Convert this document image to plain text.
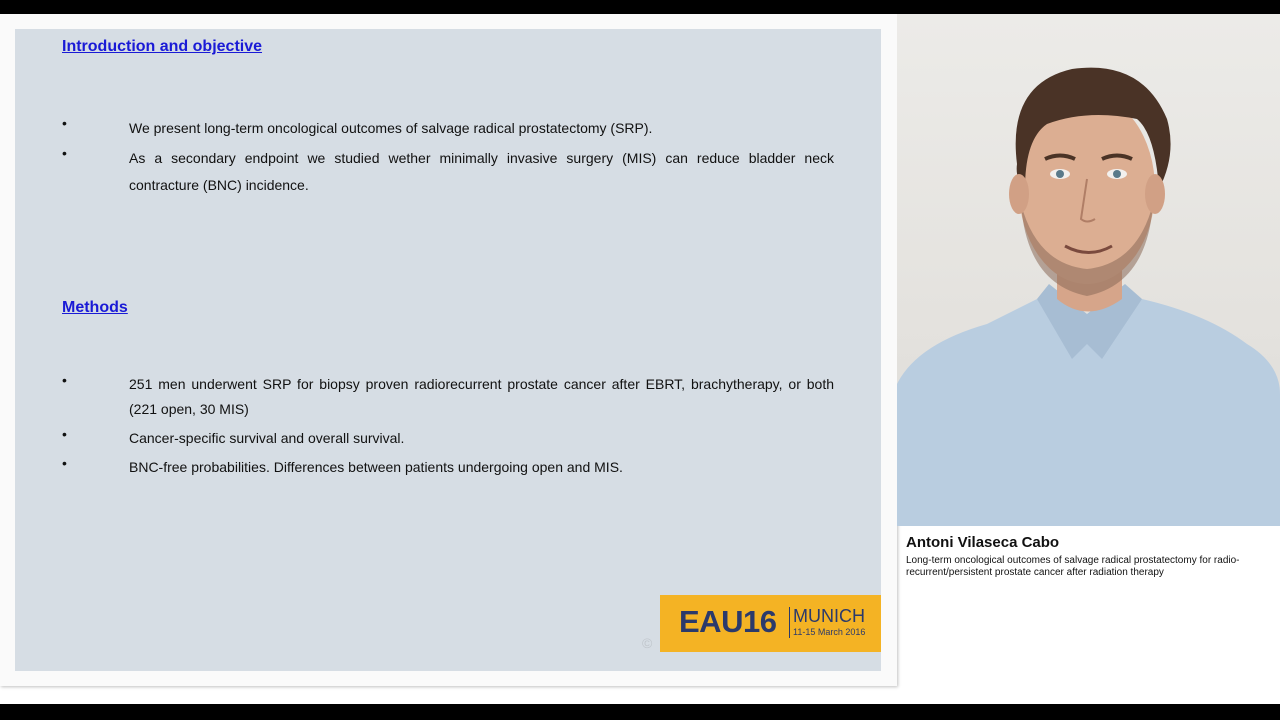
Introduction and objective
•	We present long-term oncological outcomes of salvage radical prostatectomy (SRP).
•	As a secondary endpoint we studied wether minimally invasive surgery (MIS) can reduce bladder neck contracture (BNC) incidence.
Methods
•	251 men underwent SRP for biopsy proven radiorecurrent prostate cancer after EBRT, brachytherapy, or both (221 open, 30 MIS)
•	Cancer-specific survival and overall survival.
•	BNC-free probabilities. Differences between patients undergoing open and MIS.
©
EAU16 MUNICH
11-15 March 2016
Antoni Vilaseca Cabo
Long-term oncological outcomes of salvage radical prostatectomy for radio-recurrent/persistent prostate cancer after radiation therapy
